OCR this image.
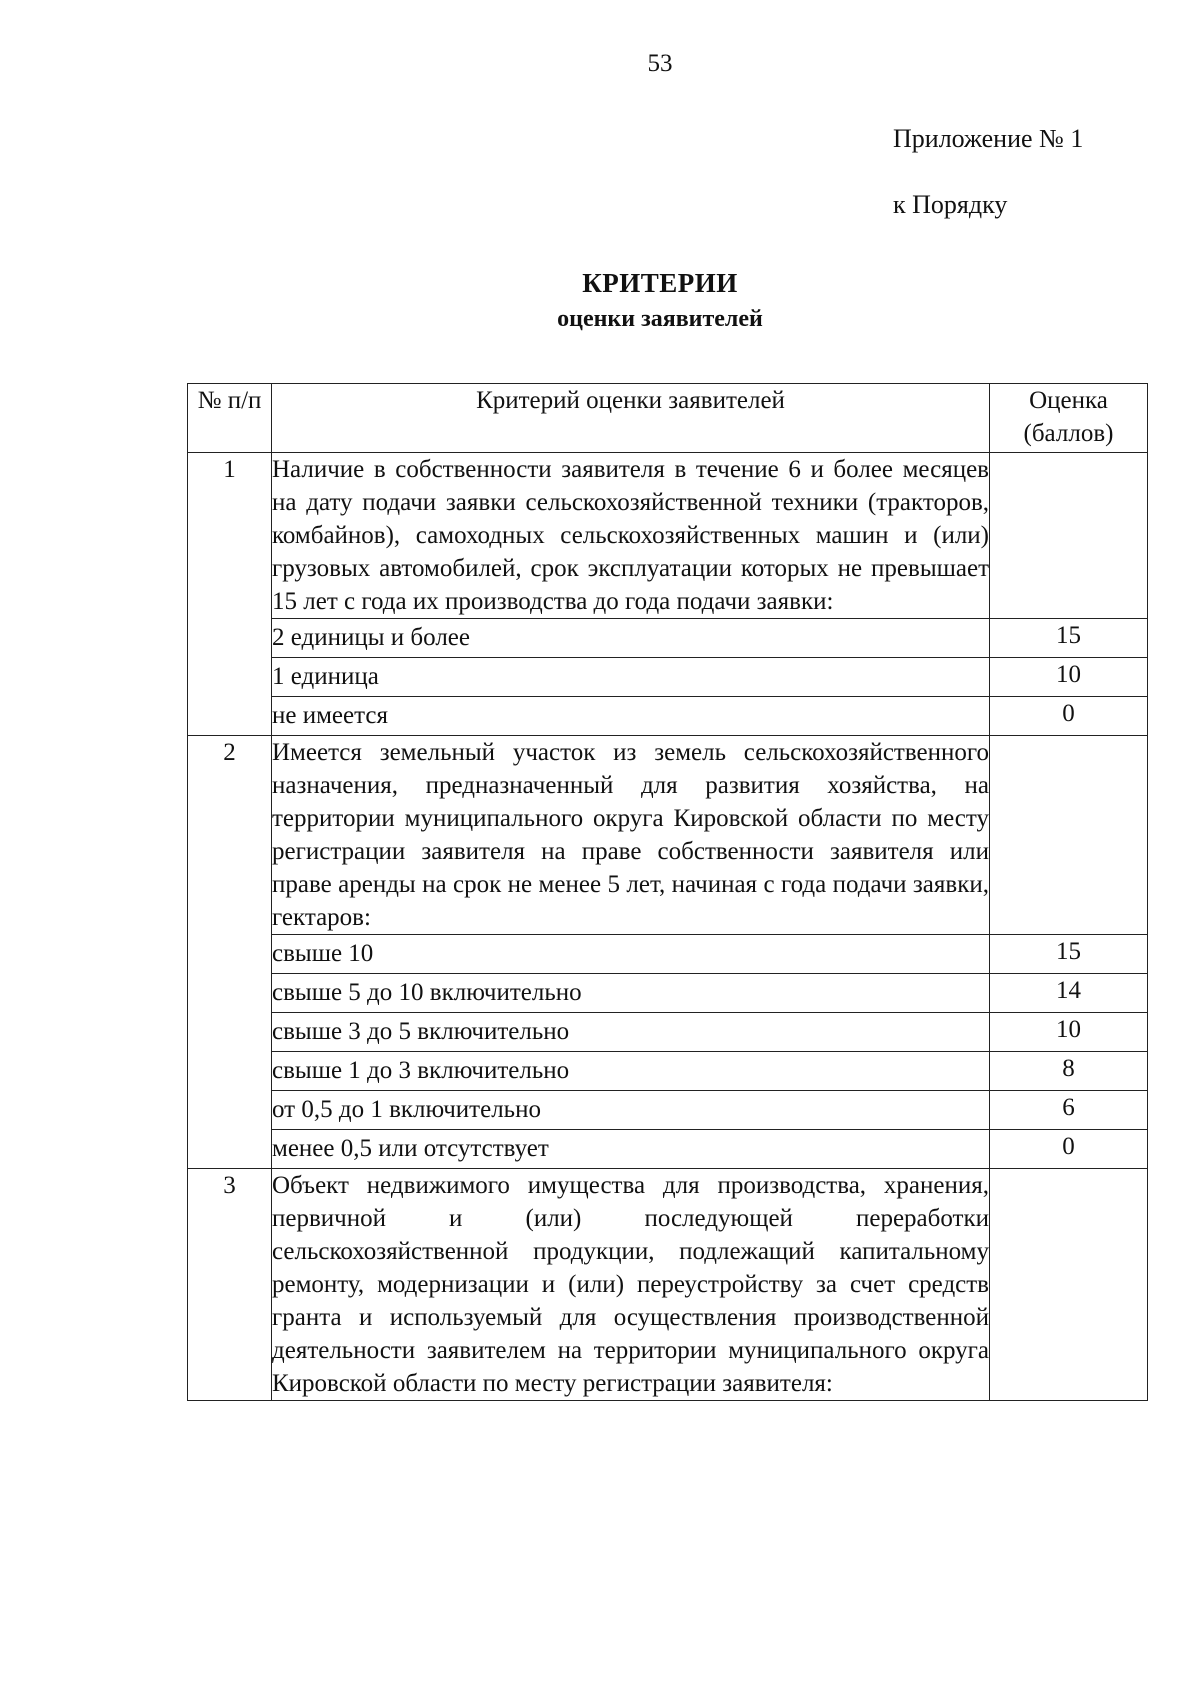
53
Приложение № 1
к Порядку
КРИТЕРИИ
оценки заявителей
№ п/п	Критерий оценки заявителей	Оценка (баллов)
1	Наличие в собственности заявителя в течение 6 и более месяцев на дату подачи заявки сельскохозяйственной техники (тракторов, комбайнов), самоходных сельскохозяйственных машин и (или) грузовых автомобилей, срок эксплуатации которых не превышает 15 лет с года их производства до года подачи заявки:	
	2 единицы и более	15
	1 единица	10
	не имеется	0
2	Имеется земельный участок из земель сельскохозяйственного назначения, предназначенный для развития хозяйства, на территории муниципального округа Кировской области по месту регистрации заявителя на праве собственности заявителя или праве аренды на срок не менее 5 лет, начиная с года подачи заявки, гектаров:	
	свыше 10	15
	свыше 5 до 10 включительно	14
	свыше 3 до 5 включительно	10
	свыше 1 до 3 включительно	8
	от 0,5 до 1 включительно	6
	менее 0,5 или отсутствует	0
3	Объект недвижимого имущества для производства, хранения, первичной и (или) последующей переработки сельскохозяйственной продукции, подлежащий капитальному ремонту, модернизации и (или) переустройству за счет средств гранта и используемый для осуществления производственной деятельности заявителем на территории муниципального округа Кировской области по месту регистрации заявителя:	
